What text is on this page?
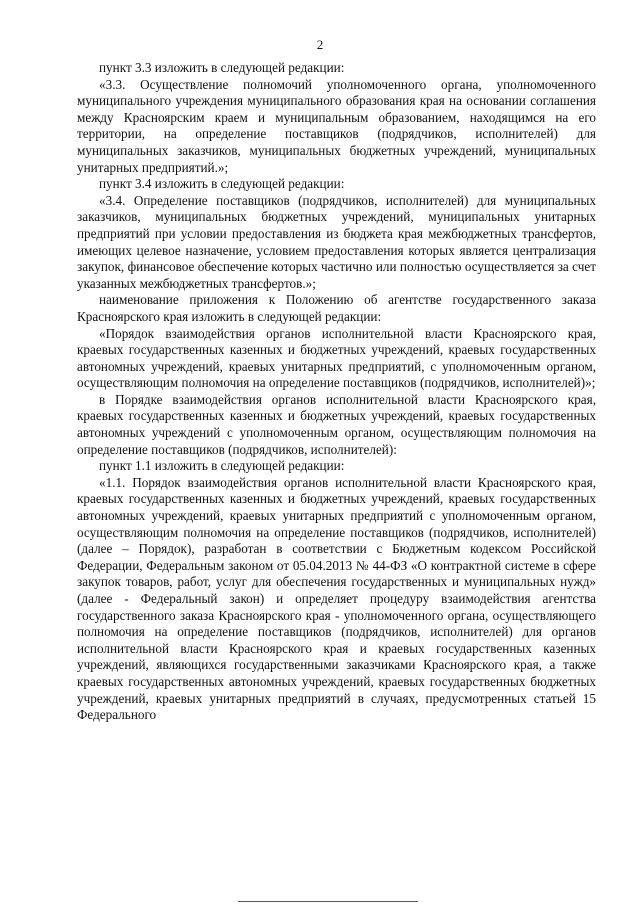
2

пункт 3.3 изложить в следующей редакции:

«3.3. Осуществление полномочий уполномоченного органа, уполномоченного муниципального учреждения муниципального образования края на основании соглашения между Красноярским краем и муниципальным образованием, находящимся на его территории, на определение поставщиков (подрядчиков, исполнителей) для муниципальных заказчиков, муниципальных бюджетных учреждений, муниципальных унитарных предприятий.»;

пункт 3.4 изложить в следующей редакции:

«3.4. Определение поставщиков (подрядчиков, исполнителей) для муниципальных заказчиков, муниципальных бюджетных учреждений, муниципальных унитарных предприятий при условии предоставления из бюджета края межбюджетных трансфертов, имеющих целевое назначение, условием предоставления которых является централизация закупок, финансовое обеспечение которых частично или полностью осуществляется за счет указанных межбюджетных трансфертов.»;

наименование приложения к Положению об агентстве государственного заказа Красноярского края изложить в следующей редакции:

«Порядок взаимодействия органов исполнительной власти Красноярского края, краевых государственных казенных и бюджетных учреждений, краевых государственных автономных учреждений, краевых унитарных предприятий, с уполномоченным органом, осуществляющим полномочия на определение поставщиков (подрядчиков, исполнителей)»;

в Порядке взаимодействия органов исполнительной власти Красноярского края, краевых государственных казенных и бюджетных учреждений, краевых государственных автономных учреждений с уполномоченным органом, осуществляющим полномочия на определение поставщиков (подрядчиков, исполнителей):

пункт 1.1 изложить в следующей редакции:

«1.1. Порядок взаимодействия органов исполнительной власти Красноярского края, краевых государственных казенных и бюджетных учреждений, краевых государственных автономных учреждений, краевых унитарных предприятий с уполномоченным органом, осуществляющим полномочия на определение поставщиков (подрядчиков, исполнителей) (далее – Порядок), разработан в соответствии с Бюджетным кодексом Российской Федерации, Федеральным законом от 05.04.2013 № 44-ФЗ «О контрактной системе в сфере закупок товаров, работ, услуг для обеспечения государственных и муниципальных нужд» (далее - Федеральный закон) и определяет процедуру взаимодействия агентства государственного заказа Красноярского края - уполномоченного органа, осуществляющего полномочия на определение поставщиков (подрядчиков, исполнителей) для органов исполнительной власти Красноярского края и краевых государственных казенных учреждений, являющихся государственными заказчиками Красноярского края, а также краевых государственных автономных учреждений, краевых государственных бюджетных учреждений, краевых унитарных предприятий в случаях, предусмотренных статьей 15 Федерального
